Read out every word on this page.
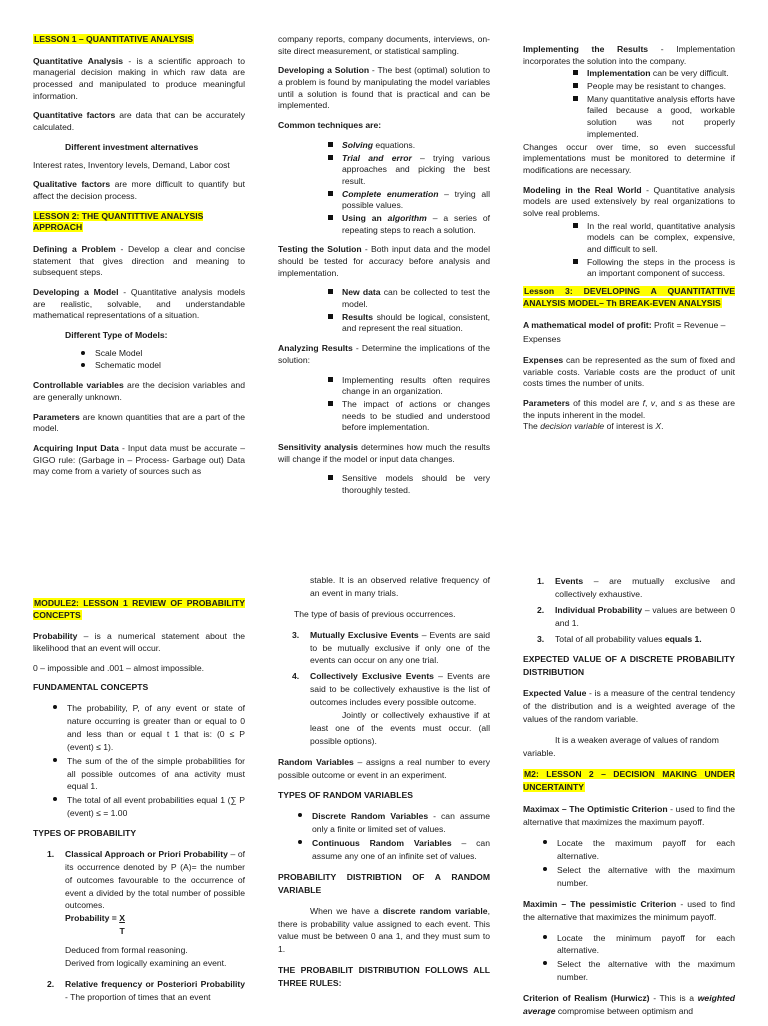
LESSON 1 – QUANTITATIVE ANALYSIS

Quantitative Analysis - is a scientific approach to managerial decision making in which raw data are processed and manipulated to produce meaningful information.

Quantitative factors are data that can be accurately calculated.

Different investment alternatives

Interest rates, Inventory levels, Demand, Labor cost

Qualitative factors are more difficult to quantify but affect the decision process.

LESSON 2: THE QUANTITTIVE ANALYSIS APPROACH

Defining a Problem - Develop a clear and concise statement that gives direction and meaning to subsequent steps.

Developing a Model - Quantitative analysis models are realistic, solvable, and understandable mathematical representations of a situation.

Different Type of Models:

Scale Model
Schematic model

Controllable variables are the decision variables and are generally unknown.

Parameters are known quantities that are a part of the model.

Acquiring Input Data - Input data must be accurate – GIGO rule: (Garbage in – Process- Garbage out) Data may come from a variety of sources such as

company reports, company documents, interviews, on-site direct measurement, or statistical sampling.

Developing a Solution - The best (optimal) solution to a problem is found by manipulating the model variables until a solution is found that is practical and can be implemented.

Common techniques are:

Solving equations.
Trial and error – trying various approaches and picking the best result.
Complete enumeration – trying all possible values.
Using an algorithm – a series of repeating steps to reach a solution.

Testing the Solution - Both input data and the model should be tested for accuracy before analysis and implementation.

New data can be collected to test the model.
Results should be logical, consistent, and represent the real situation.

Analyzing Results - Determine the implications of the solution:

Implementing results often requires change in an organization.
The impact of actions or changes needs to be studied and understood before implementation.

Sensitivity analysis determines how much the results will change if the model or input data changes.

Sensitive models should be very thoroughly tested.

Implementing the Results - Implementation incorporates the solution into the company.

Implementation can be very difficult.
People may be resistant to changes.
Many quantitative analysis efforts have failed because a good, workable solution was not properly implemented.

Changes occur over time, so even successful implementations must be monitored to determine if modifications are necessary.

Modeling in the Real World - Quantitative analysis models are used extensively by real organizations to solve real problems.

In the real world, quantitative analysis models can be complex, expensive, and difficult to sell.
Following the steps in the process is an important component of success.
Lesson 3: DEVELOPING A QUANTITATTIVE ANALYSIS MODEL– Th BREAK-EVEN ANALYSIS

A mathematical model of profit: Profit = Revenue – Expenses

Expenses can be represented as the sum of fixed and variable costs. Variable costs are the product of unit costs times the number of units.

Parameters of this model are f, v, and s as these are the inputs inherent in the model.
The decision variable of interest is X.

MODULE2: LESSON 1 REVIEW OF PROBABILITY CONCEPTS

Probability – is a numerical statement about the likelihood that an event will occur.

0 – impossible and .001 – almost impossible.

FUNDAMENTAL CONCEPTS

The probability, P, of any event or state of nature occurring is greater than or equal to 0 and less than or equal t 1 that is: (0 ≤ P (event) ≤ 1).
The sum of the of the simple probabilities for all possible outcomes of ana activity must equal 1.
The total of all event probabilities equal 1 (∑ P (event) ≤ = 1.00

TYPES OF PROBABILITY

1. Classical Approach or Priori Probability – of its occurrence denoted by P (A)= the number of outcomes favourable to the occurrence of event a divided by the total number of possible outcomes.
Probability = $\frac{X}{T}$
Deduced from formal reasoning.
Derived from logically examining an event.
2. Relative frequency or Posteriori Probability - The proportion of times that an event

stable. It is an observed relative frequency of an event in many trials.

The type of basis of previous occurrences.

3. Mutually Exclusive Events – Events are said to be mutually exclusive if only one of the events can occur on any one trial.
4. Collectively Exclusive Events – Events are said to be collectively exhaustive is the list of outcomes includes every possible outcome.
Jointly or collectively exhaustive if at least one of the events must occur. (all possible options).

Random Variables – assigns a real number to every possible outcome or event in an experiment.

TYPES OF RANDOM VARIABLES

Discrete Random Variables - can assume only a finite or limited set of values.
Continuous Random Variables – can assume any one of an infinite set of values.

PROBABILITY DISTRIBTION OF A RANDOM VARIABLE

When we have a discrete random variable, there is probability value assigned to each event. This value must be between 0 ana 1, and they must sum to 1.

THE PROBABILIT DISTRIBUTION FOLLOWS ALL THREE RULES:

1. Events – are mutually exclusive and collectively exhaustive.
2. Individual Probability – values are between 0 and 1.
3. Total of all probability values equals 1.

EXPECTED VALUE OF A DISCRETE PROBABILITY DISTRIBUTION

Expected Value - is a measure of the central tendency of the distribution and is a weighted average of the values of the random variable.

It is a weaken average of values of random variable.

M2: LESSON 2 – DECISION MAKING UNDER UNCERTAINTY

Maximax – The Optimistic Criterion - used to find the alternative that maximizes the maximum payoff.

Locate the maximum payoff for each alternative.
Select the alternative with the maximum number.

Maximin – The pessimistic Criterion - used to find the alternative that maximizes the minimum payoff.

Locate the minimum payoff for each alternative.
Select the alternative with the maximum number.

Criterion of Realism (Hurwicz) - This is a weighted average compromise between optimism and
